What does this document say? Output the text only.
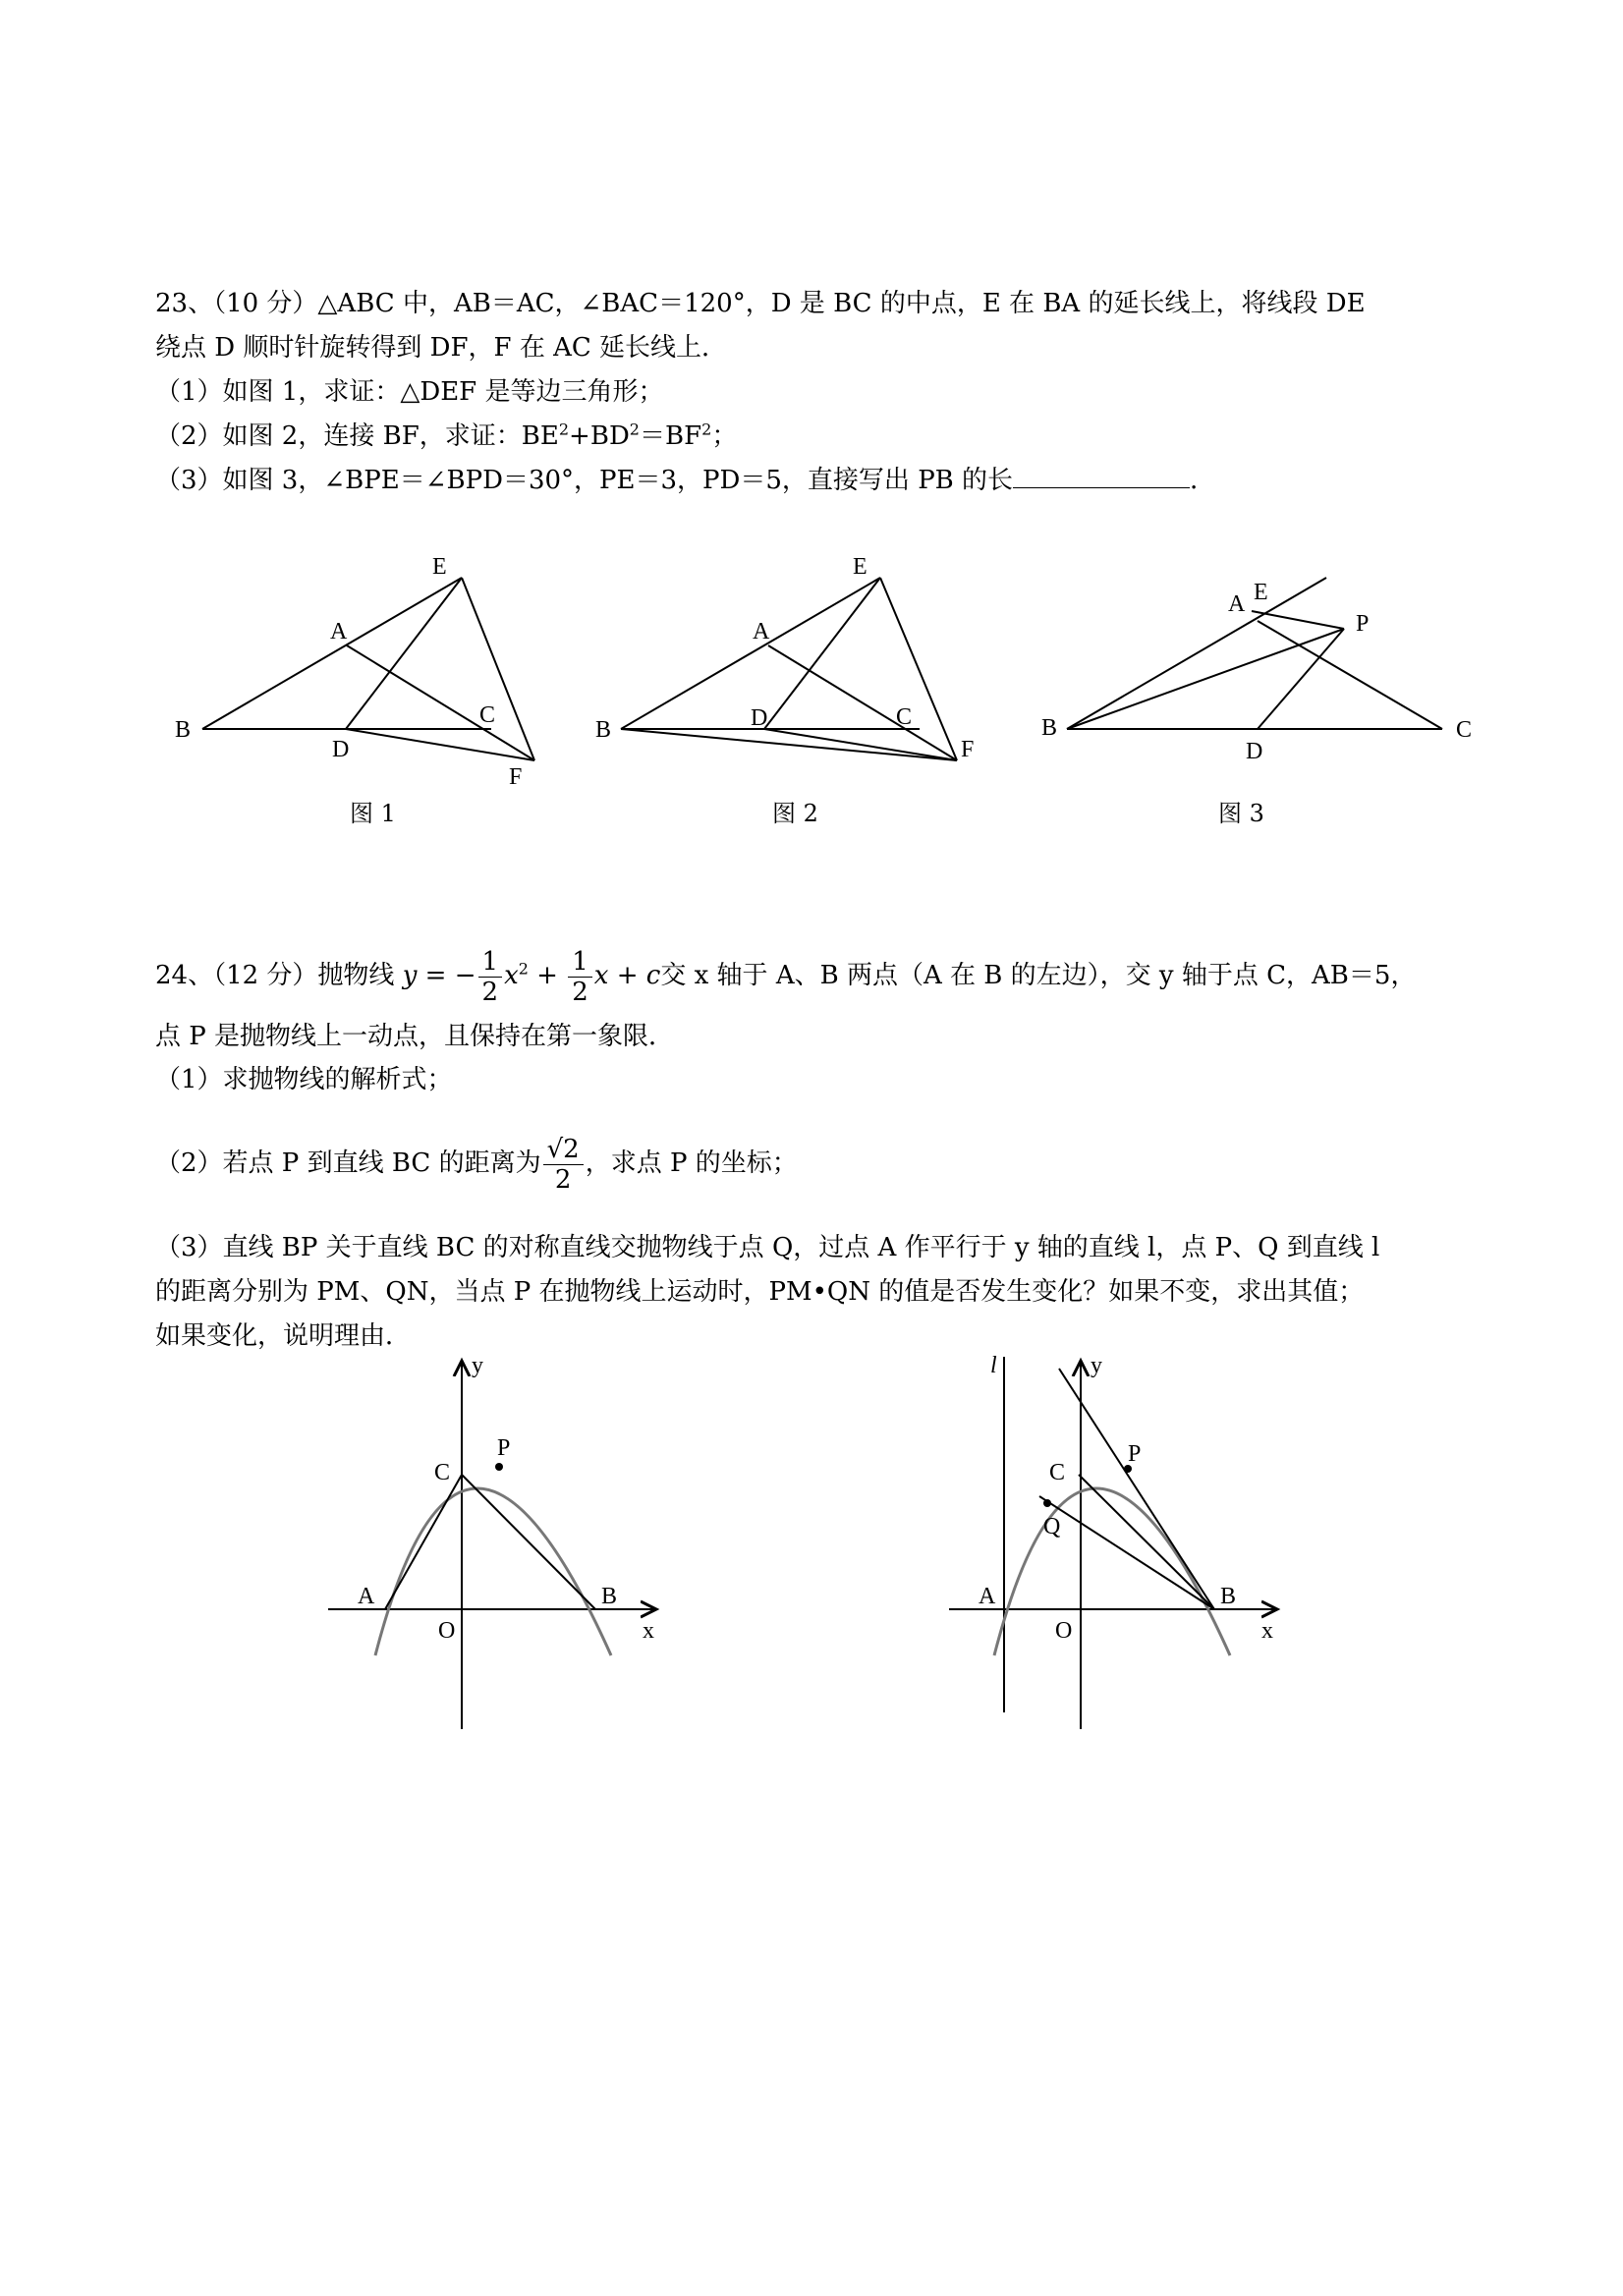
23、（10 分）△ABC 中，AB＝AC，∠BAC＝120°，D 是 BC 的中点，E 在 BA 的延长线上，将线段 DE
绕点 D 顺时针旋转得到 DF，F 在 AC 延长线上．
（1）如图 1，求证：△DEF 是等边三角形；
（2）如图 2，连接 BF，求证：$BE^2+BD^2=BF^2$；
（3）如图 3，∠BPE＝∠BPD＝30°，PE＝3，PD＝5，直接写出 PB 的长	．
B
A
E
C
D
F
图 1
B
A
E
C
D
F
图 2
B
A E
P
C
D
图 3
24、（12 分）抛物线 y = − $\frac{1}{2} x^2 + \frac{1}{2}$ x + c交 x 轴于 A、B 两点（A 在 B 的左边），交 y 轴于点 C，AB＝5，
点 P 是抛物线上一动点，且保持在第一象限．
（1）求抛物线的解析式；
（2）若点 P 到直线 BC 的距离为 $\frac{√2}{2}$ ，求点 P 的坐标；
（3）直线 BP 关于直线 BC 的对称直线交抛物线于点 Q，过点 A 作平行于 y 轴的直线 l，点 P、Q 到直线 l
的距离分别为 PM、QN，当点 P 在抛物线上运动时，PM•QN 的值是否发生变化？如果不变，求出其值；
如果变化，说明理由．
A	B
C
O
P
x
y
A	B
C
O
P
Q
x
y
l
